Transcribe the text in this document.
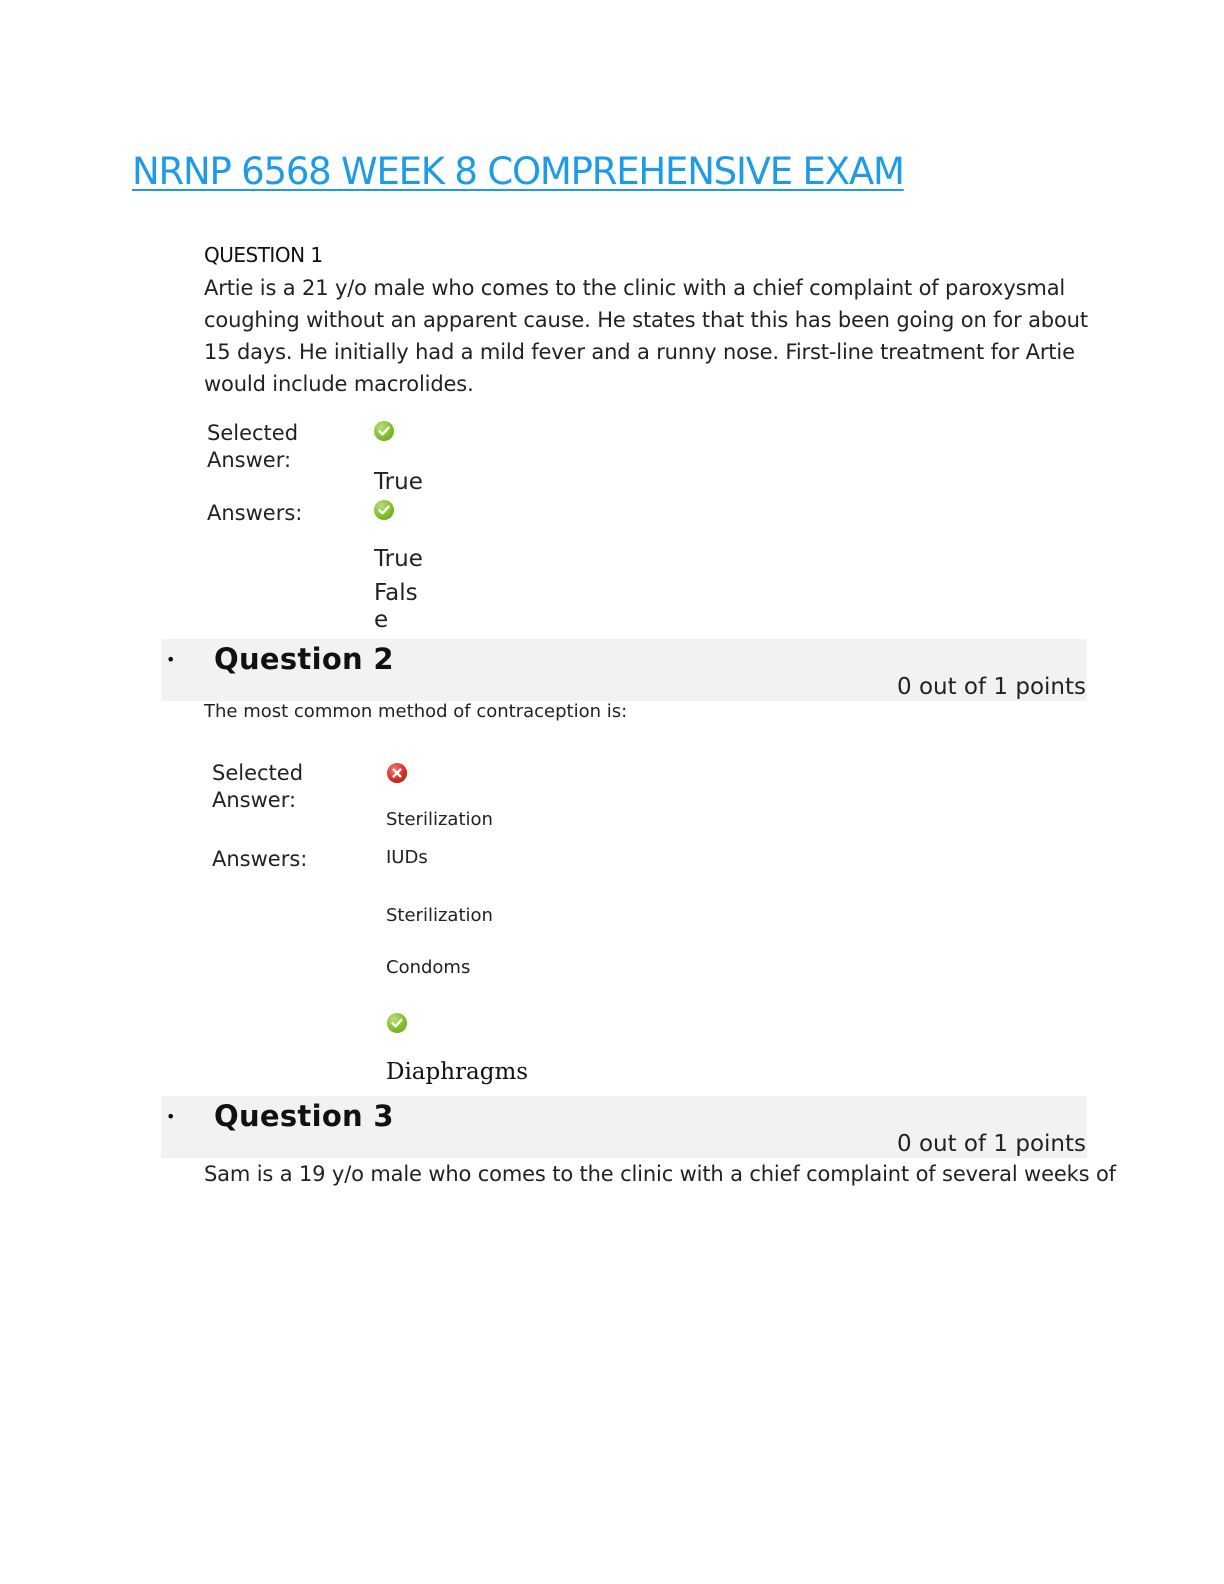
NRNP 6568 WEEK 8 COMPREHENSIVE EXAM
QUESTION 1
Artie is a 21 y/o male who comes to the clinic with a chief complaint of paroxysmal coughing without an apparent cause. He states that this has been going on for about 15 days. He initially had a mild fever and a runny nose. First-line treatment for Artie would include macrolides.
Selected Answer:
True
Answers:
True
Fals
e
• Question 2
0 out of 1 points
The most common method of contraception is:
Selected Answer:
Sterilization
Answers:	IUDs
Sterilization
Condoms
Diaphragms
• Question 3
0 out of 1 points
Sam is a 19 y/o male who comes to the clinic with a chief complaint of several weeks of
